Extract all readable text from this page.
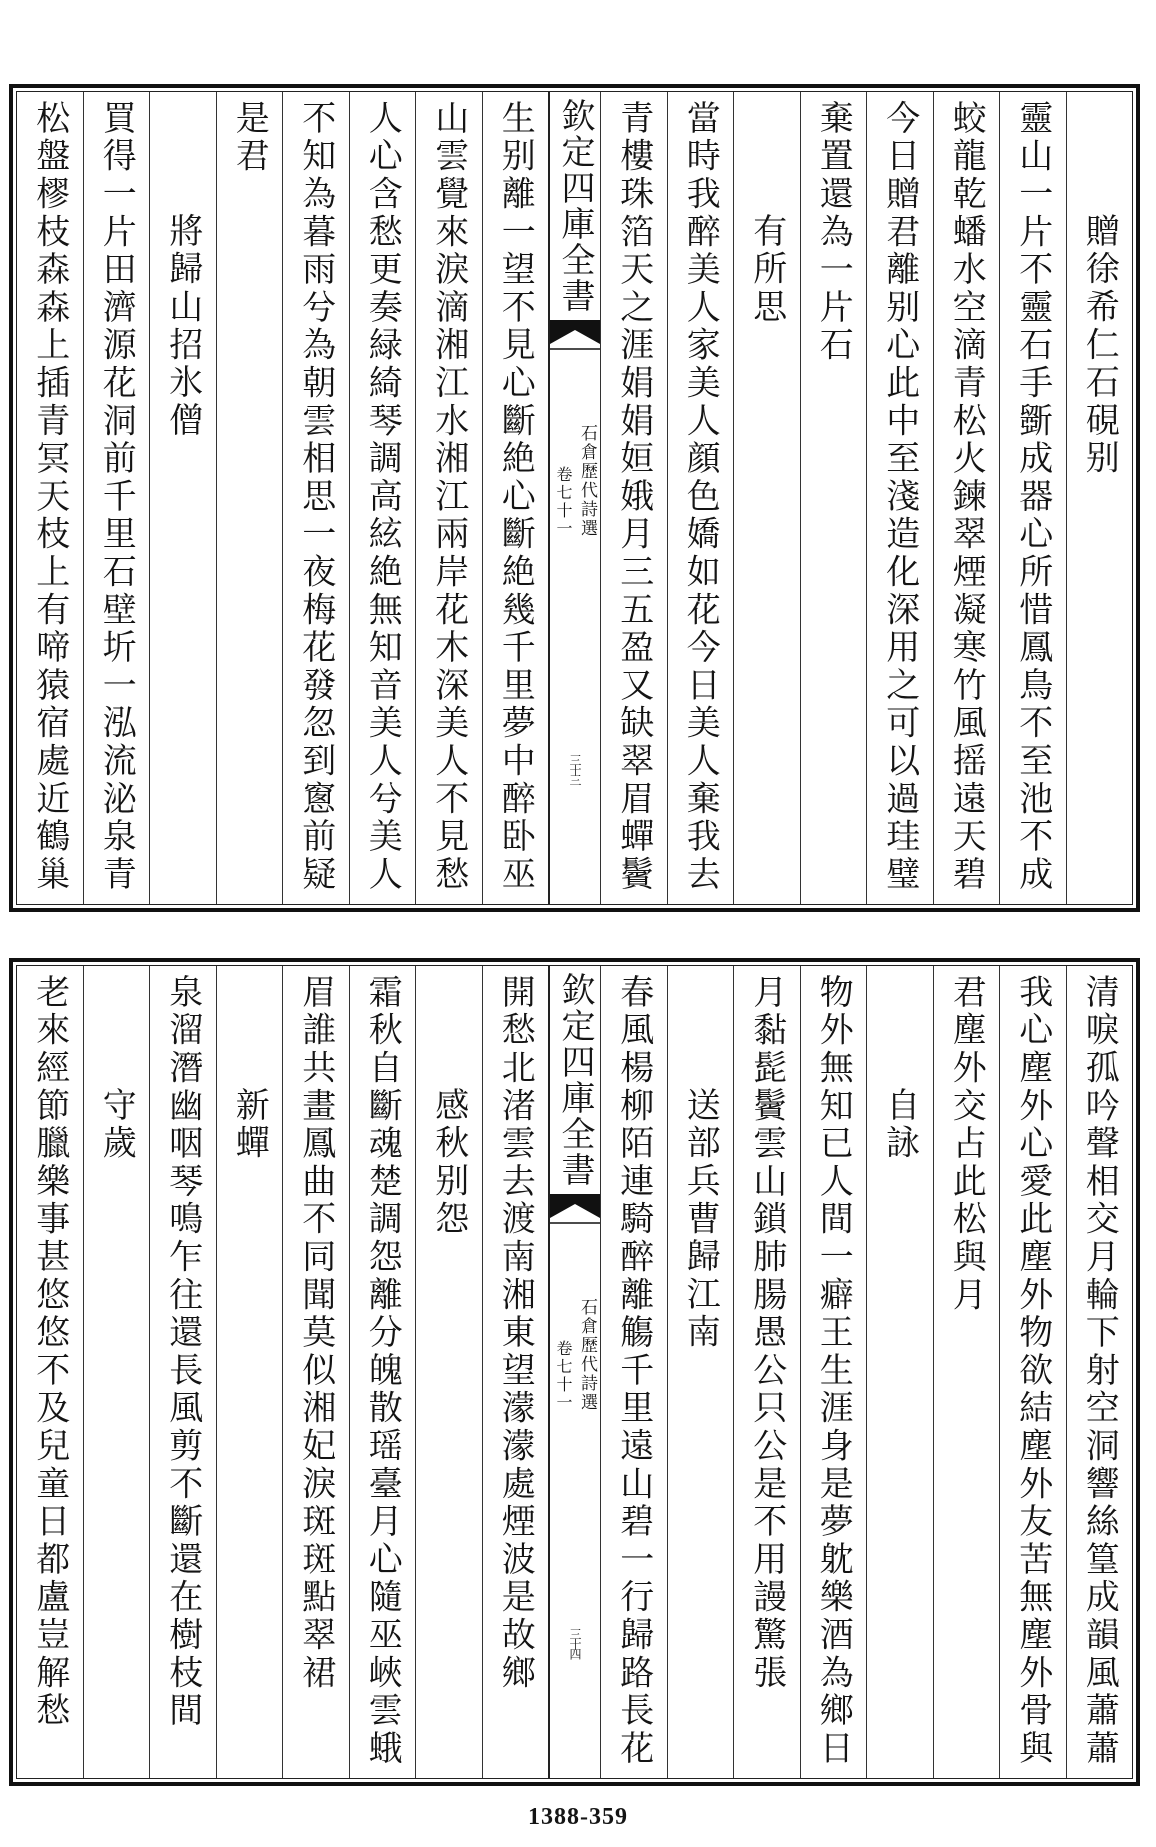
贈徐希仁石硯别
靈山一片不靈石手斵成器心所惜鳳鳥不至池不成
蛟龍乾蟠水空滴青松火鍊翠煙凝寒竹風摇遠天碧
今日贈君離别心此中至淺造化深用之可以過珪璧
棄置還為一片石
有所思
當時我醉美人家美人顔色嬌如花今日美人棄我去
青樓珠箔天之涯娟娟姮娥月三五盈又缺翠眉蟬鬢
欽定四庫全書
石倉歷代詩選
卷七十一
三十三
生别離一望不見心斷絶心斷絶幾千里夢中醉卧巫
山雲覺來淚滴湘江水湘江兩岸花木深美人不見愁
人心含愁更奏緑綺琴調高絃絶無知音美人兮美人
不知為暮雨兮為朝雲相思一夜梅花發忽到窻前疑
是君
將歸山招氷僧
買得一片田濟源花洞前千里石壁圻一泓流泌泉青
松盤樛枝森森上插青冥天枝上有啼猿宿處近鶴巢
清唳孤吟聲相交月輪下射空洞響絲篁成韻風蕭蕭
我心塵外心愛此塵外物欲結塵外友苦無塵外骨與
君塵外交占此松與月
自詠
物外無知已人間一癖王生涯身是夢躭樂酒為鄉日
月黏髭鬢雲山鎖肺腸愚公只公是不用謾驚張
送部兵曹歸江南
春風楊柳陌連騎醉離觴千里遠山碧一行歸路長花
欽定四庫全書
石倉歷代詩選
卷七十一
三十四
開愁北渚雲去渡南湘東望濛濛處煙波是故鄉
感秋别怨
霜秋自斷魂楚調怨離分魄散瑶臺月心隨巫峽雲蛾
眉誰共畫鳳曲不同聞莫似湘妃淚斑斑點翠裙
新蟬
泉溜潛幽咽琴鳴乍往還長風剪不斷還在樹枝間
守歲
老來經節臘樂事甚悠悠不及兒童日都盧豈解愁
1388-359
